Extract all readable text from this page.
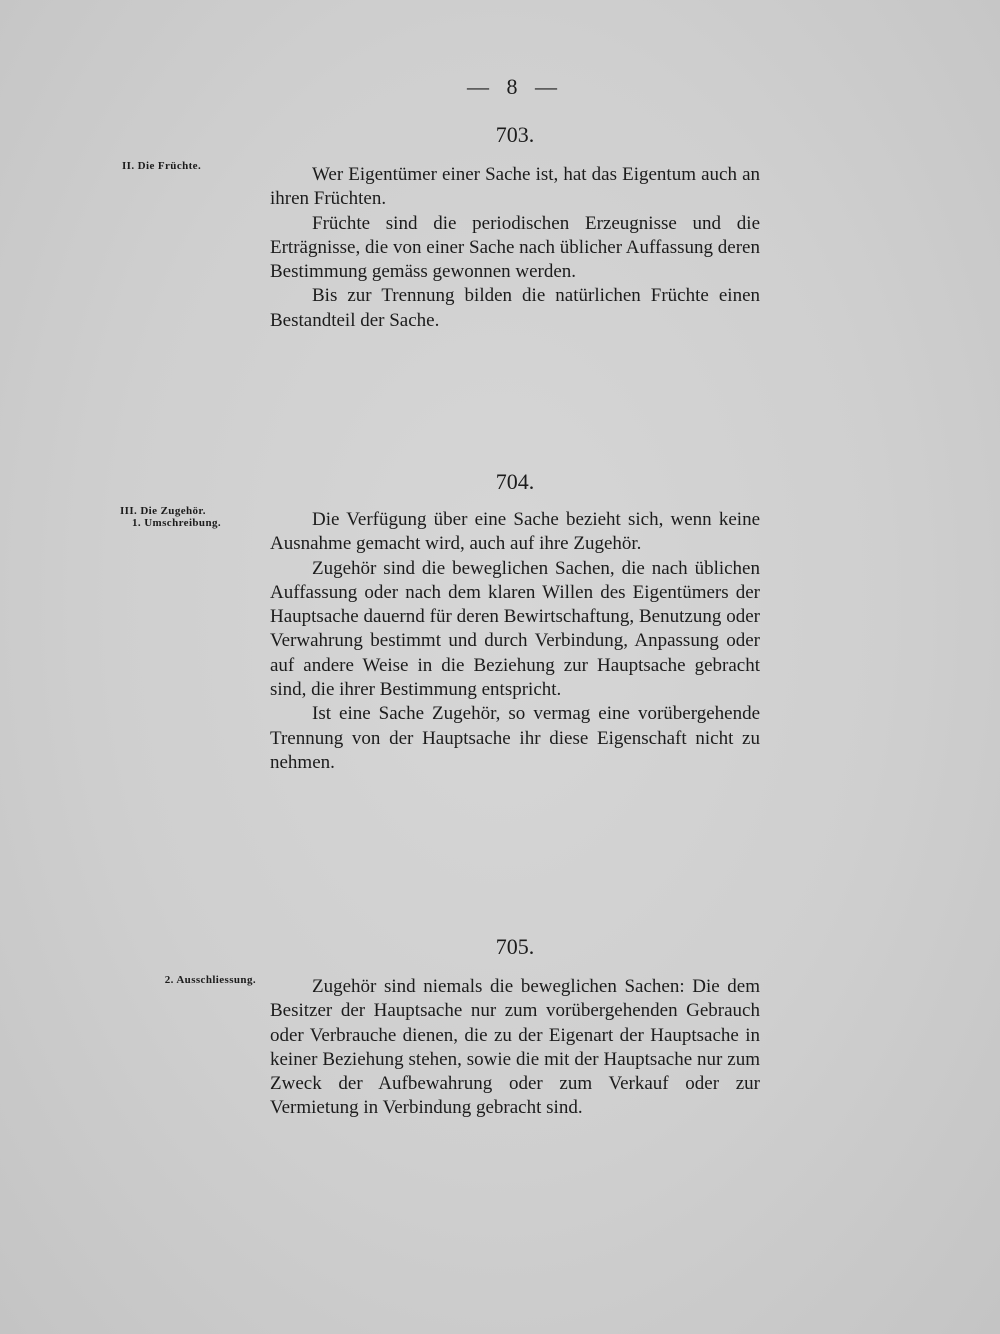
— 8 —
703.
II. Die Früchte.	Wer Eigentümer einer Sache ist, hat das Eigentum auch an ihren Früchten.

Früchte sind die periodischen Erzeugnisse und die Erträgnisse, die von einer Sache nach üblicher Auffassung deren Bestimmung gemäss gewonnen werden.

Bis zur Trennung bilden die natürlichen Früchte einen Bestandteil der Sache.

704.
III. Die Zugehör.
1. Umschreibung.	Die Verfügung über eine Sache bezieht sich, wenn keine Ausnahme gemacht wird, auch auf ihre Zugehör.

Zugehör sind die beweglichen Sachen, die nach üblichen Auffassung oder nach dem klaren Willen des Eigentümers der Hauptsache dauernd für deren Bewirtschaftung, Benutzung oder Verwahrung bestimmt und durch Verbindung, Anpassung oder auf andere Weise in die Beziehung zur Hauptsache gebracht sind, die ihrer Bestimmung entspricht.

Ist eine Sache Zugehör, so vermag eine vorübergehende Trennung von der Hauptsache ihr diese Eigenschaft nicht zu nehmen.

705.
2. Ausschliessung.	Zugehör sind niemals die beweglichen Sachen: Die dem Besitzer der Hauptsache nur zum vorübergehenden Gebrauch oder Verbrauche dienen, die zu der Eigenart der Hauptsache in keiner Beziehung stehen, sowie die mit der Hauptsache nur zum Zweck der Aufbewahrung oder zum Verkauf oder zur Vermietung in Verbindung gebracht sind.
